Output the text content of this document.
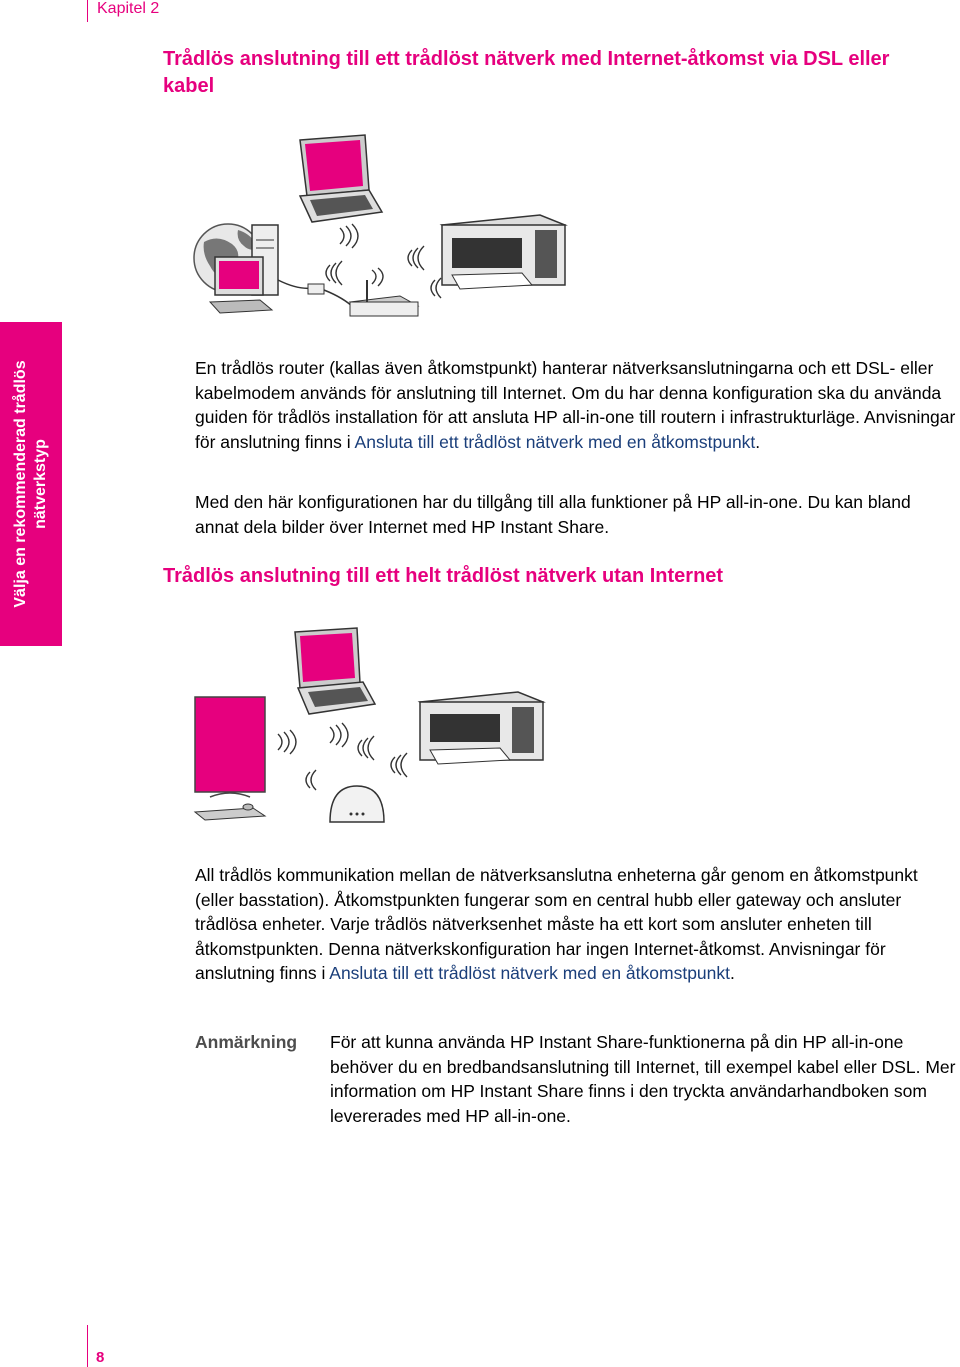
Kapitel 2
Trådlös anslutning till ett trådlöst nätverk med Internet-åtkomst via DSL eller kabel
Välja en rekommenderad trådlös nätverkstyp
En trådlös router (kallas även åtkomstpunkt) hanterar nätverksanslutningarna och ett DSL- eller kabelmodem används för anslutning till Internet. Om du har denna konfiguration ska du använda guiden för trådlös installation för att ansluta HP all-in-one till routern i infrastrukturläge. Anvisningar för anslutning finns i Ansluta till ett trådlöst nätverk med en åtkomstpunkt.
Med den här konfigurationen har du tillgång till alla funktioner på HP all-in-one. Du kan bland annat dela bilder över Internet med HP Instant Share.
Trådlös anslutning till ett helt trådlöst nätverk utan Internet
All trådlös kommunikation mellan de nätverksanslutna enheterna går genom en åtkomstpunkt (eller basstation). Åtkomstpunkten fungerar som en central hubb eller gateway och ansluter trådlösa enheter. Varje trådlös nätverksenhet måste ha ett kort som ansluter enheten till åtkomstpunkten. Denna nätverkskonfiguration har ingen Internet-åtkomst. Anvisningar för anslutning finns i Ansluta till ett trådlöst nätverk med en åtkomstpunkt.
Anmärkning För att kunna använda HP Instant Share-funktionerna på din HP all-in-one behöver du en bredbandsanslutning till Internet, till exempel kabel eller DSL. Mer information om HP Instant Share finns i den tryckta användarhandboken som levererades med HP all-in-one.
8
